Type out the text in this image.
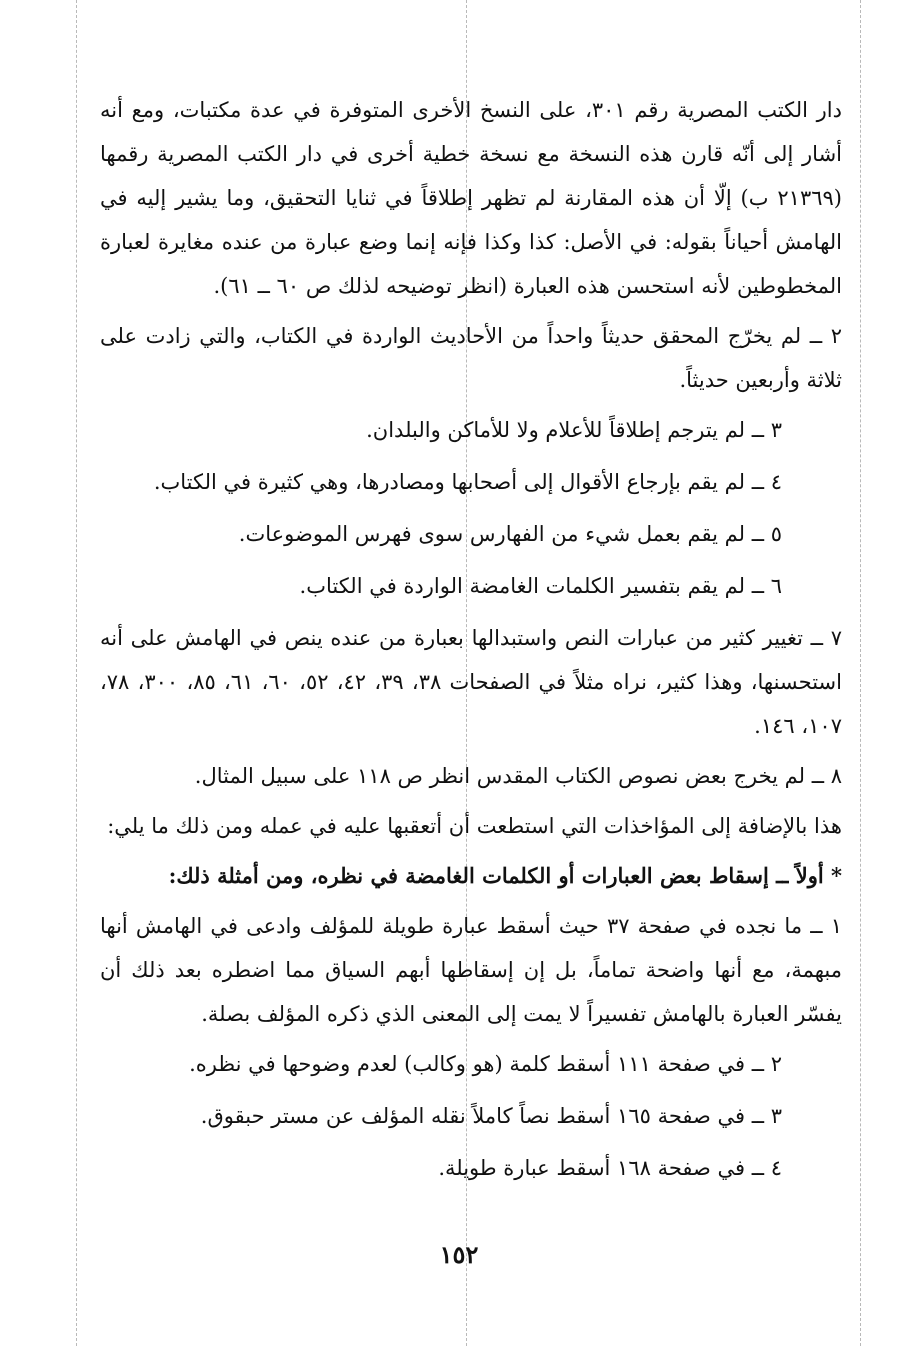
دار الكتب المصرية رقم ٣٠١، على النسخ الأخرى المتوفرة في عدة مكتبات، ومع أنه أشار إلى أنّه قارن هذه النسخة مع نسخة خطية أخرى في دار الكتب المصرية رقمها (٢١٣٦٩ ب) إلّا أن هذه المقارنة لم تظهر إطلاقاً في ثنايا التحقيق، وما يشير إليه في الهامش أحياناً بقوله: في الأصل: كذا وكذا فإنه إنما وضع عبارة من عنده مغايرة لعبارة المخطوطين لأنه استحسن هذه العبارة (انظر توضيحه لذلك ص ٦٠ ــ ٦١).

٢ ــ لم يخرّج المحقق حديثاً واحداً من الأحاديث الواردة في الكتاب، والتي زادت على ثلاثة وأربعين حديثاً.

٣ ــ لم يترجم إطلاقاً للأعلام ولا للأماكن والبلدان.

٤ ــ لم يقم بإرجاع الأقوال إلى أصحابها ومصادرها، وهي كثيرة في الكتاب.

٥ ــ لم يقم بعمل شيء من الفهارس سوى فهرس الموضوعات.

٦ ــ لم يقم بتفسير الكلمات الغامضة الواردة في الكتاب.

٧ ــ تغيير كثير من عبارات النص واستبدالها بعبارة من عنده ينص في الهامش على أنه استحسنها، وهذا كثير، نراه مثلاً في الصفحات ٣٨، ٣٩، ٤٢، ٥٢، ٦٠، ٦١، ٨٥، ٣٠٠، ٧٨، ١٠٧، ١٤٦.

٨ ــ لم يخرج بعض نصوص الكتاب المقدس انظر ص ١١٨ على سبيل المثال.

هذا بالإضافة إلى المؤاخذات التي استطعت أن أتعقبها عليه في عمله ومن ذلك ما يلي:

* أولاً ــ إسقاط بعض العبارات أو الكلمات الغامضة في نظره، ومن أمثلة ذلك:

١ ــ ما نجده في صفحة ٣٧ حيث أسقط عبارة طويلة للمؤلف وادعى في الهامش أنها مبهمة، مع أنها واضحة تماماً، بل إن إسقاطها أبهم السياق مما اضطره بعد ذلك أن يفسّر العبارة بالهامش تفسيراً لا يمت إلى المعنى الذي ذكره المؤلف بصلة.

٢ ــ في صفحة ١١١ أسقط كلمة (هو وكالب) لعدم وضوحها في نظره.

٣ ــ في صفحة ١٦٥ أسقط نصاً كاملاً نقله المؤلف عن مستر حبقوق.

٤ ــ في صفحة ١٦٨ أسقط عبارة طويلة.

١٥٢
